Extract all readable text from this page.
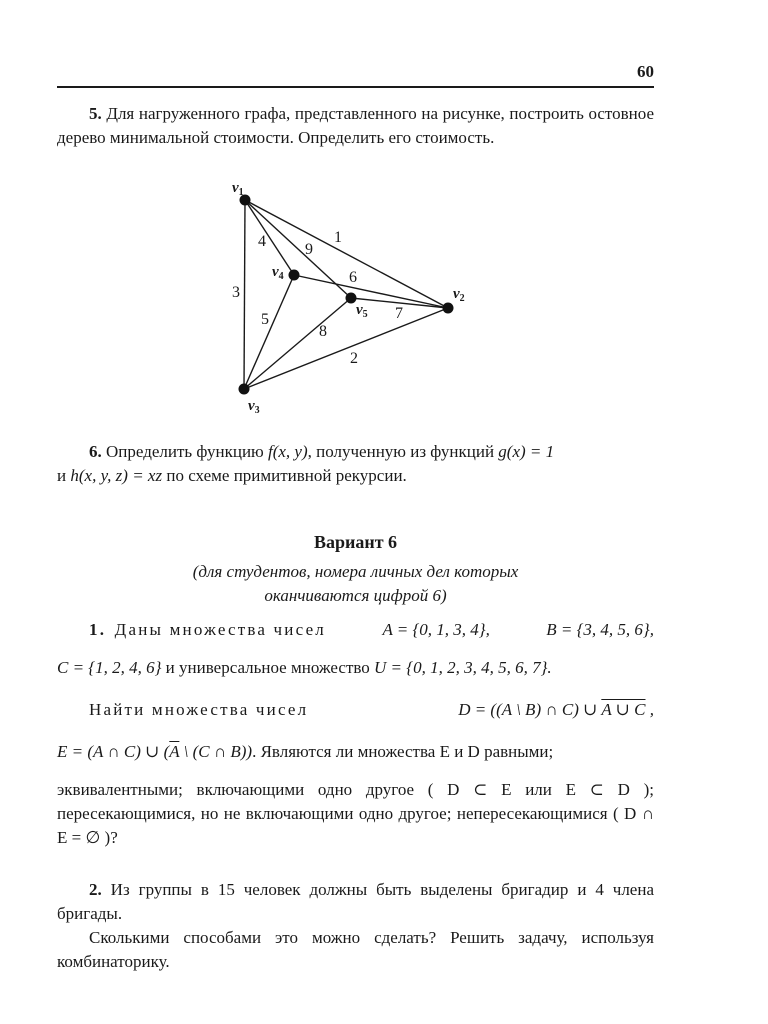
60
5. Для нагруженного графа, представленного на рисунке, построить остовное дерево минимальной стоимости. Определить его стоимость.
1
2
3
4
5
6
7
8
9
$v_1$
$v_2$
$v_3$
$v_4$
$v_5$
6. Определить функцию f(x, y), полученную из функций g(x) = 1
и h(x, y, z) = xz по схеме примитивной рекурсии.
Вариант 6
(для студентов, номера личных дел которых
оканчиваются цифрой 6)
1. Даны множества чисел	A = {0, 1, 3, 4},	B = {3, 4, 5, 6},
C = {1, 2, 4, 6} и универсальное множество U = {0, 1, 2, 3, 4, 5, 6, 7}.
Найти множества чисел	D = ((A \ B) ∩ C) ∪ A ∪ C ,
E = (A ∩ C) ∪ ($\overline{A}$ \ (C ∩ B)). Являются ли множества E и D равными;
эквивалентными; включающими одно другое ( D ⊂ E или E ⊂ D ); пересекающимися, но не включающими одно другое; непересекающимися ( D ∩ E = ∅ )?
2. Из группы в 15 человек должны быть выделены бригадир и 4 члена бригады.
Сколькими способами это можно сделать? Решить задачу, используя комбинаторику.
